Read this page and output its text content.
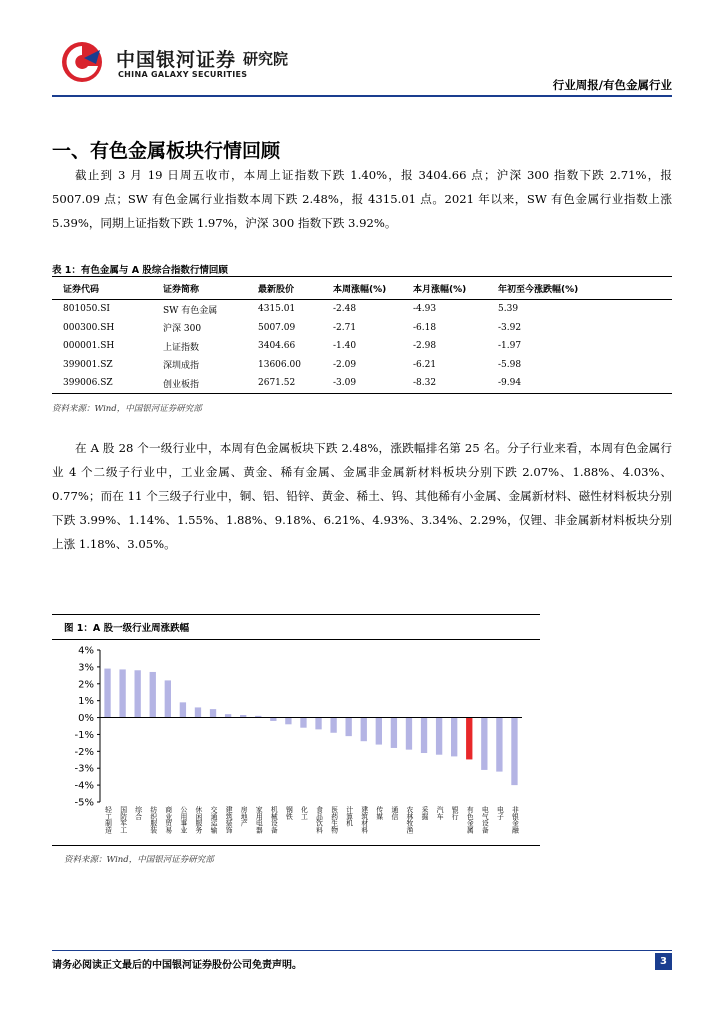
中国银河证券
CHINA GALAXY SECURITIES
研究院
行业周报/有色金属行业
一、有色金属板块行情回顾
截止到 3 月 19 日周五收市，本周上证指数下跌 1.40%，报 3404.66 点；沪深 300 指数下跌 2.71%，报 5007.09 点；SW 有色金属行业指数本周下跌 2.48%，报 4315.01 点。2021 年以来，SW 有色金属行业指数上涨 5.39%，同期上证指数下跌 1.97%，沪深 300 指数下跌 3.92%。
表 1：有色金属与 A 股综合指数行情回顾
证券代码	证券简称	最新股价	本周涨幅(%)	本月涨幅(%)	年初至今涨跌幅(%)
801050.SI	SW 有色金属	4315.01	-2.48	-4.93	5.39
000300.SH	沪深 300	5007.09	-2.71	-6.18	-3.92
000001.SH	上证指数	3404.66	-1.40	-2.98	-1.97
399001.SZ	深圳成指	13606.00	-2.09	-6.21	-5.98
399006.SZ	创业板指	2671.52	-3.09	-8.32	-9.94
资料来源：Wind，中国银河证券研究部
在 A 股 28 个一级行业中，本周有色金属板块下跌 2.48%，涨跌幅排名第 25 名。分子行业来看，本周有色金属行业 4 个二级子行业中，工业金属、黄金、稀有金属、金属非金属新材料板块分别下跌 2.07%、1.88%、4.03%、0.77%；而在 11 个三级子行业中，铜、铝、铅锌、黄金、稀土、钨、其他稀有小金属、金属新材料、磁性材料板块分别下跌 3.99%、1.14%、1.55%、1.88%、9.18%、6.21%、4.93%、3.34%、2.29%，仅锂、非金属新材料板块分别上涨 1.18%、3.05%。
图 1：A 股一级行业周涨跌幅
4%
3%
2%
1%
0%
-1%
-2%
-3%
-4%
-5%
轻工制造 国防军工 综合 纺织服装 商业贸易 公用事业 休闲服务 交通运输 建筑装饰 房地产 家用电器 机械设备 钢铁 化工 食品饮料 医药生物 计算机 建筑材料 传媒 通信 农林牧渔 采掘 汽车 银行 有色金属 电气设备 电子 非银金融
资料来源：Wind，中国银河证券研究部
请务必阅读正文最后的中国银河证券股份公司免责声明。	3
